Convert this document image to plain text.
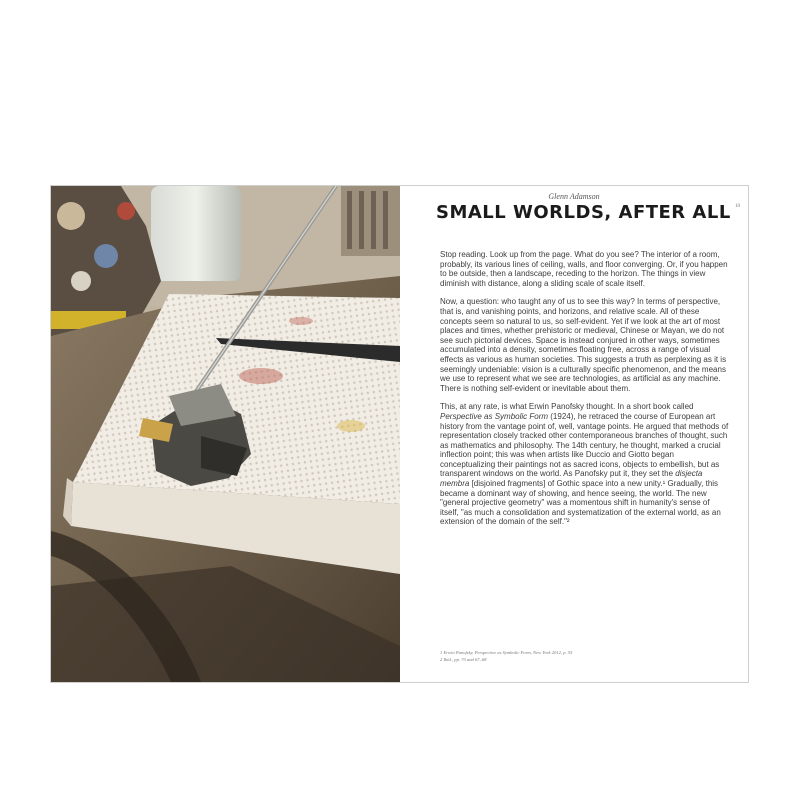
Glenn Adamson
10
SMALL WORLDS, AFTER ALL

Stop reading. Look up from the page. What do you see? The interior of a room, probably, its various lines of ceiling, walls, and floor converging. Or, if you happen to be outside, then a landscape, receding to the horizon. The things in view diminish with distance, along a sliding scale of scale itself.

Now, a question: who taught any of us to see this way? In terms of perspective, that is, and vanishing points, and horizons, and relative scale. All of these concepts seem so natural to us, so self-evident. Yet if we look at the art of most places and times, whether prehistoric or medieval, Chinese or Mayan, we do not see such pictorial devices. Space is instead conjured in other ways, sometimes accumulated into a density, sometimes floating free, across a range of visual effects as various as human societies. This suggests a truth as perplexing as it is seemingly undeniable: vision is a culturally specific phenomenon, and the means we use to represent what we see are technologies, as artificial as any machine. There is nothing self-evident or inevitable about them.

This, at any rate, is what Erwin Panofsky thought. In a short book called Perspective as Symbolic Form (1924), he retraced the course of European art history from the vantage point of, well, vantage points. He argued that methods of representation closely tracked other contemporaneous branches of thought, such as mathematics and philosophy. The 14th century, he thought, marked a crucial inflection point; this was when artists like Duccio and Giotto began conceptualizing their paintings not as sacred icons, objects to embellish, but as transparent windows on the world. As Panofsky put it, they set the disjecta membra [disjoined fragments] of Gothic space into a new unity.¹ Gradually, this became a dominant way of showing, and hence seeing, the world. The new "general projective geometry" was a momentous shift in humanity's sense of itself, "as much a consolidation and systematization of the external world, as an extension of the domain of the self."²

1 Erwin Panofsky, Perspective as Symbolic Form, New York 2012, p. 55
2 Ibid., pp. 70 and 67–68
